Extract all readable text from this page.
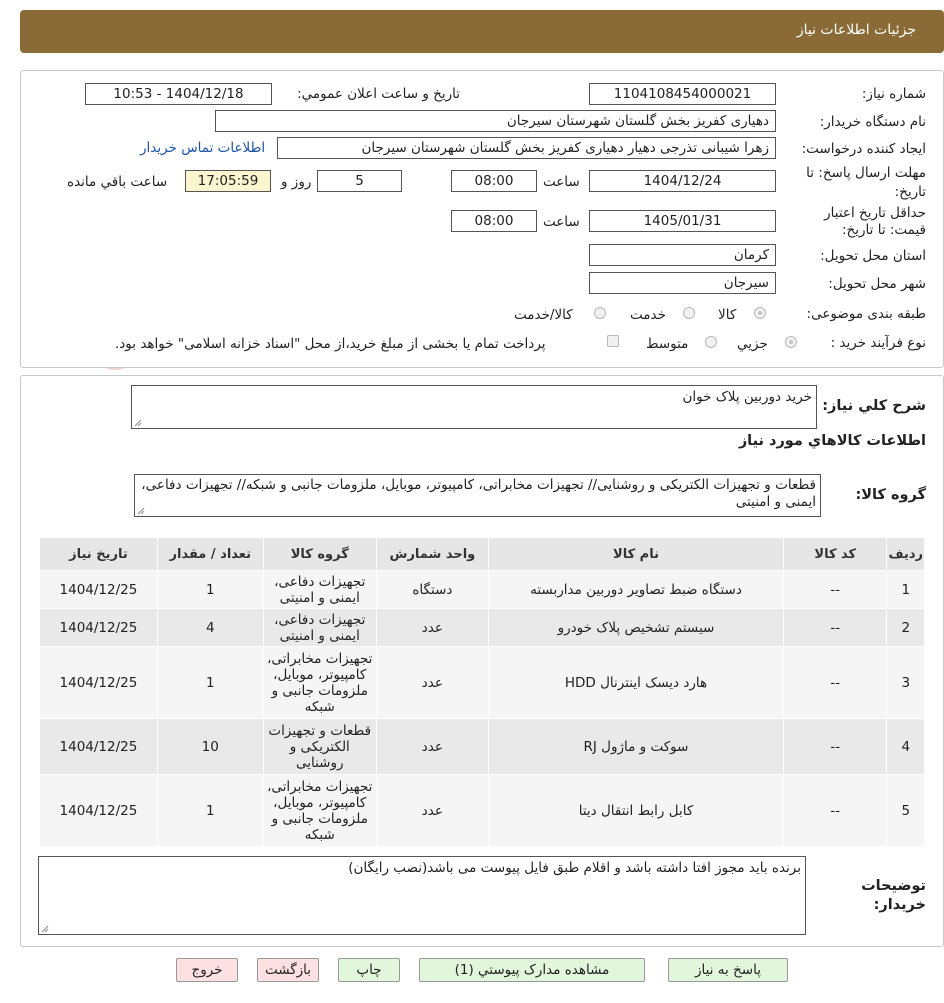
جزئیات اطلاعات نیاز
شماره نیاز:
1104108454000021
تاریخ و ساعت اعلان عمومي:
1404/12/18 - 10:53
نام دستگاه خریدار:
دهیاری کفریز بخش گلستان شهرستان سیرجان
ایجاد کننده درخواست:
زهرا شیبانی تذرجی دهیار دهیاری کفریز بخش گلستان شهرستان سیرجان
اطلاعات تماس خریدار
مهلت ارسال پاسخ: تا تاریخ:
1404/12/24
ساعت
08:00
5
روز و
17:05:59
ساعت باقي مانده
حداقل تاریخ اعتبار قیمت: تا تاریخ:
1405/01/31
ساعت
08:00
استان محل تحویل:
کرمان
شهر محل تحویل:
سیرجان
طبقه بندی موضوعی:
کالا
خدمت
کالا/خدمت
نوع فرآیند خرید :
جزیي
متوسط
پرداخت تمام یا بخشی از مبلغ خرید،از محل "اسناد خزانه اسلامی" خواهد بود.
شرح كلي نیاز:
خرید دوربین پلاک خوان
اطلاعات كالاهاي مورد نیاز
گروه کالا:
قطعات و تجهیزات الکتریکی و روشنایی// تجهیزات مخابراتی، کامپیوتر، موبایل، ملزومات جانبی و شبکه// تجهیزات دفاعی، ایمنی و امنیتی
رديف	کد کالا	نام کالا	واحد شمارش	گروه کالا	تعداد / مقدار	تاريخ نياز
1	--	دستگاه ضبط تصاویر دوربین مداربسته	دستگاه	تجهیزات دفاعی، ایمنی و امنیتی	1	1404/12/25
2	--	سیستم تشخیص پلاک خودرو	عدد	تجهیزات دفاعی، ایمنی و امنیتی	4	1404/12/25
3	--	هارد دیسک اینترنال HDD	عدد	تجهیزات مخابراتی، کامپیوتر، موبایل، ملزومات جانبی و شبکه	1	1404/12/25
4	--	سوکت و ماژول RJ	عدد	قطعات و تجهیزات الکتریکی و روشنایی	10	1404/12/25
5	--	کابل رابط انتقال دیتا	عدد	تجهیزات مخابراتی، کامپیوتر، موبایل، ملزومات جانبی و شبکه	1	1404/12/25
توضیحات خریدار:
برنده باید مجوز افتا داشته باشد و اقلام طبق فایل پیوست می باشد(نصب رایگان)
پاسخ به نیاز
مشاهده مدارک پیوستي (1)
چاپ
بازگشت
خروج
